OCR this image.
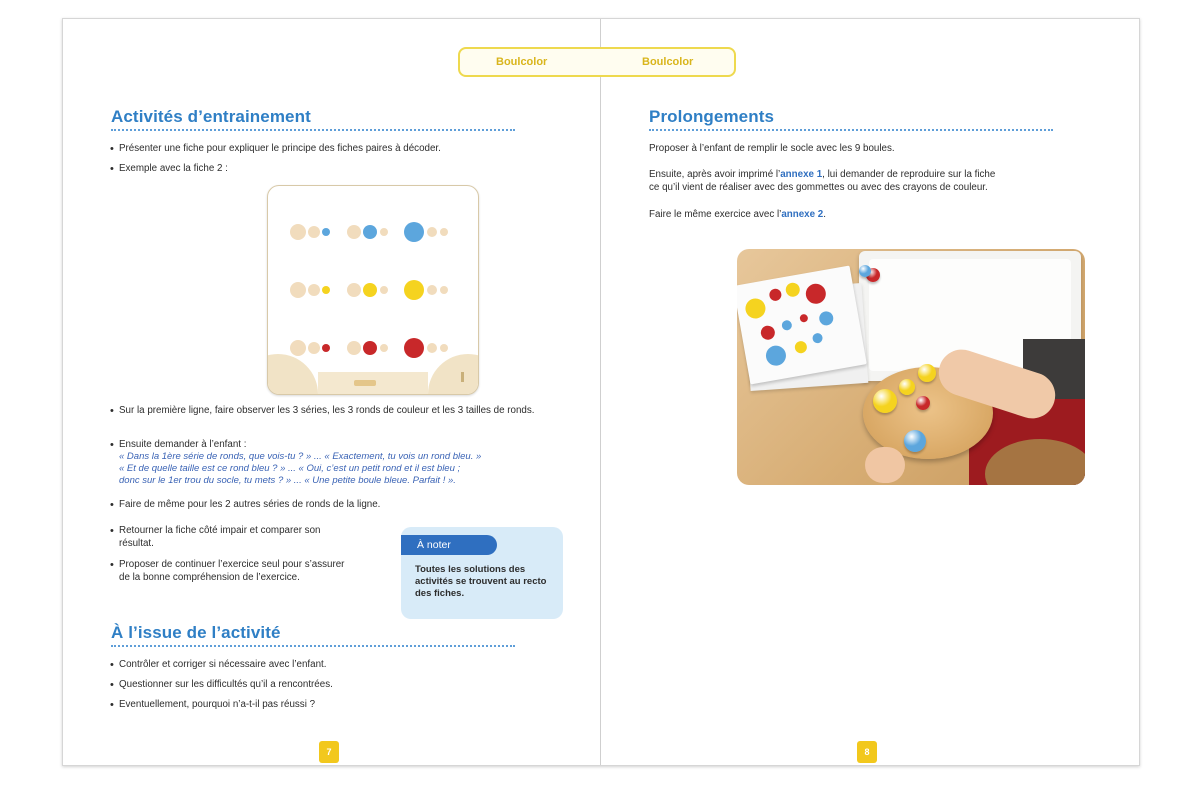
Boulcolor	Boulcolor
Activités d’entrainement
• Présenter une fiche pour expliquer le principe des fiches paires à décoder.
• Exemple avec la fiche 2 :
• Sur la première ligne, faire observer les 3 séries, les 3 ronds de couleur et les 3 tailles de ronds.
• Ensuite demander à l’enfant :
« Dans la 1ère série de ronds, que vois-tu ? » ... « Exactement, tu vois un rond bleu. »
« Et de quelle taille est ce rond bleu ? » ... « Oui, c’est un petit rond et il est bleu ;
donc sur le 1er trou du socle, tu mets ? » ... « Une petite boule bleue. Parfait ! ».
• Faire de même pour les 2 autres séries de ronds de la ligne.
• Retourner la fiche côté impair et comparer son
résultat.
• Proposer de continuer l’exercice seul pour s’assurer
de la bonne compréhension de l’exercice.
À l’issue de l’activité
• Contrôler et corriger si nécessaire avec l’enfant.
• Questionner sur les difficultés qu’il a rencontrées.
• Eventuellement, pourquoi n’a-t-il pas réussi ?
À noter
Toutes les solutions des activités se trouvent au recto des fiches.
7
Prolongements
Proposer à l’enfant de remplir le socle avec les 9 boules.
Ensuite, après avoir imprimé l’annexe 1, lui demander de reproduire sur la fiche
ce qu’il vient de réaliser avec des gommettes ou avec des crayons de couleur.
Faire le même exercice avec l’annexe 2.
8
